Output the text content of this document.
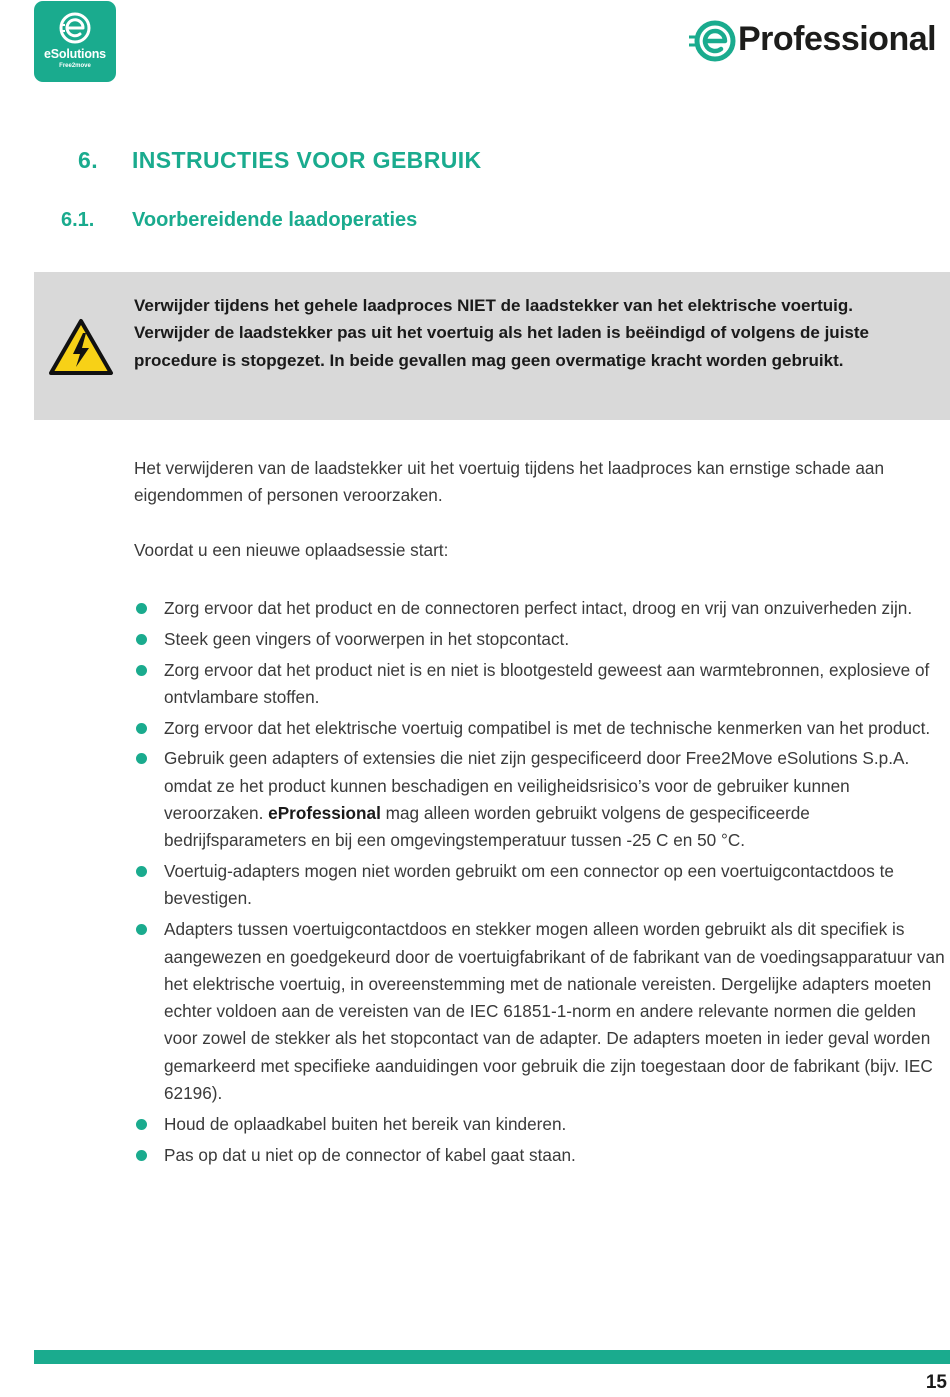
eSolutions
Free2move
Professional
6. INSTRUCTIES VOOR GEBRUIK
6.1. Voorbereidende laadoperaties
Verwijder tijdens het gehele laadproces NIET de laadstekker van het elektrische voertuig. Verwijder de laadstekker pas uit het voertuig als het laden is beëindigd of volgens de juiste procedure is stopgezet. In beide gevallen mag geen overmatige kracht worden gebruikt.
Het verwijderen van de laadstekker uit het voertuig tijdens het laadproces kan ernstige schade aan eigendommen of personen veroorzaken.
Voordat u een nieuwe oplaadsessie start:
Zorg ervoor dat het product en de connectoren perfect intact, droog en vrij van onzuiverheden zijn.
Steek geen vingers of voorwerpen in het stopcontact.
Zorg ervoor dat het product niet is en niet is blootgesteld geweest aan warmtebronnen, explosieve of ontvlambare stoffen.
Zorg ervoor dat het elektrische voertuig compatibel is met de technische kenmerken van het product.
Gebruik geen adapters of extensies die niet zijn gespecificeerd door Free2Move eSolutions S.p.A. omdat ze het product kunnen beschadigen en veiligheidsrisico’s voor de gebruiker kunnen veroorzaken. eProfessional mag alleen worden gebruikt volgens de gespecificeerde bedrijfsparameters en bij een omgevingstemperatuur tussen -25 C en 50 °C.
Voertuig-adapters mogen niet worden gebruikt om een connector op een voertuigcontactdoos te bevestigen.
Adapters tussen voertuigcontactdoos en stekker mogen alleen worden gebruikt als dit specifiek is aangewezen en goedgekeurd door de voertuigfabrikant of de fabrikant van de voedingsapparatuur van het elektrische voertuig, in overeenstemming met de nationale vereisten. Dergelijke adapters moeten echter voldoen aan de vereisten van de IEC 61851-1-norm en andere relevante normen die gelden voor zowel de stekker als het stopcontact van de adapter. De adapters moeten in ieder geval worden gemarkeerd met specifieke aanduidingen voor gebruik die zijn toegestaan door de fabrikant (bijv. IEC 62196).
Houd de oplaadkabel buiten het bereik van kinderen.
Pas op dat u niet op de connector of kabel gaat staan.
15
